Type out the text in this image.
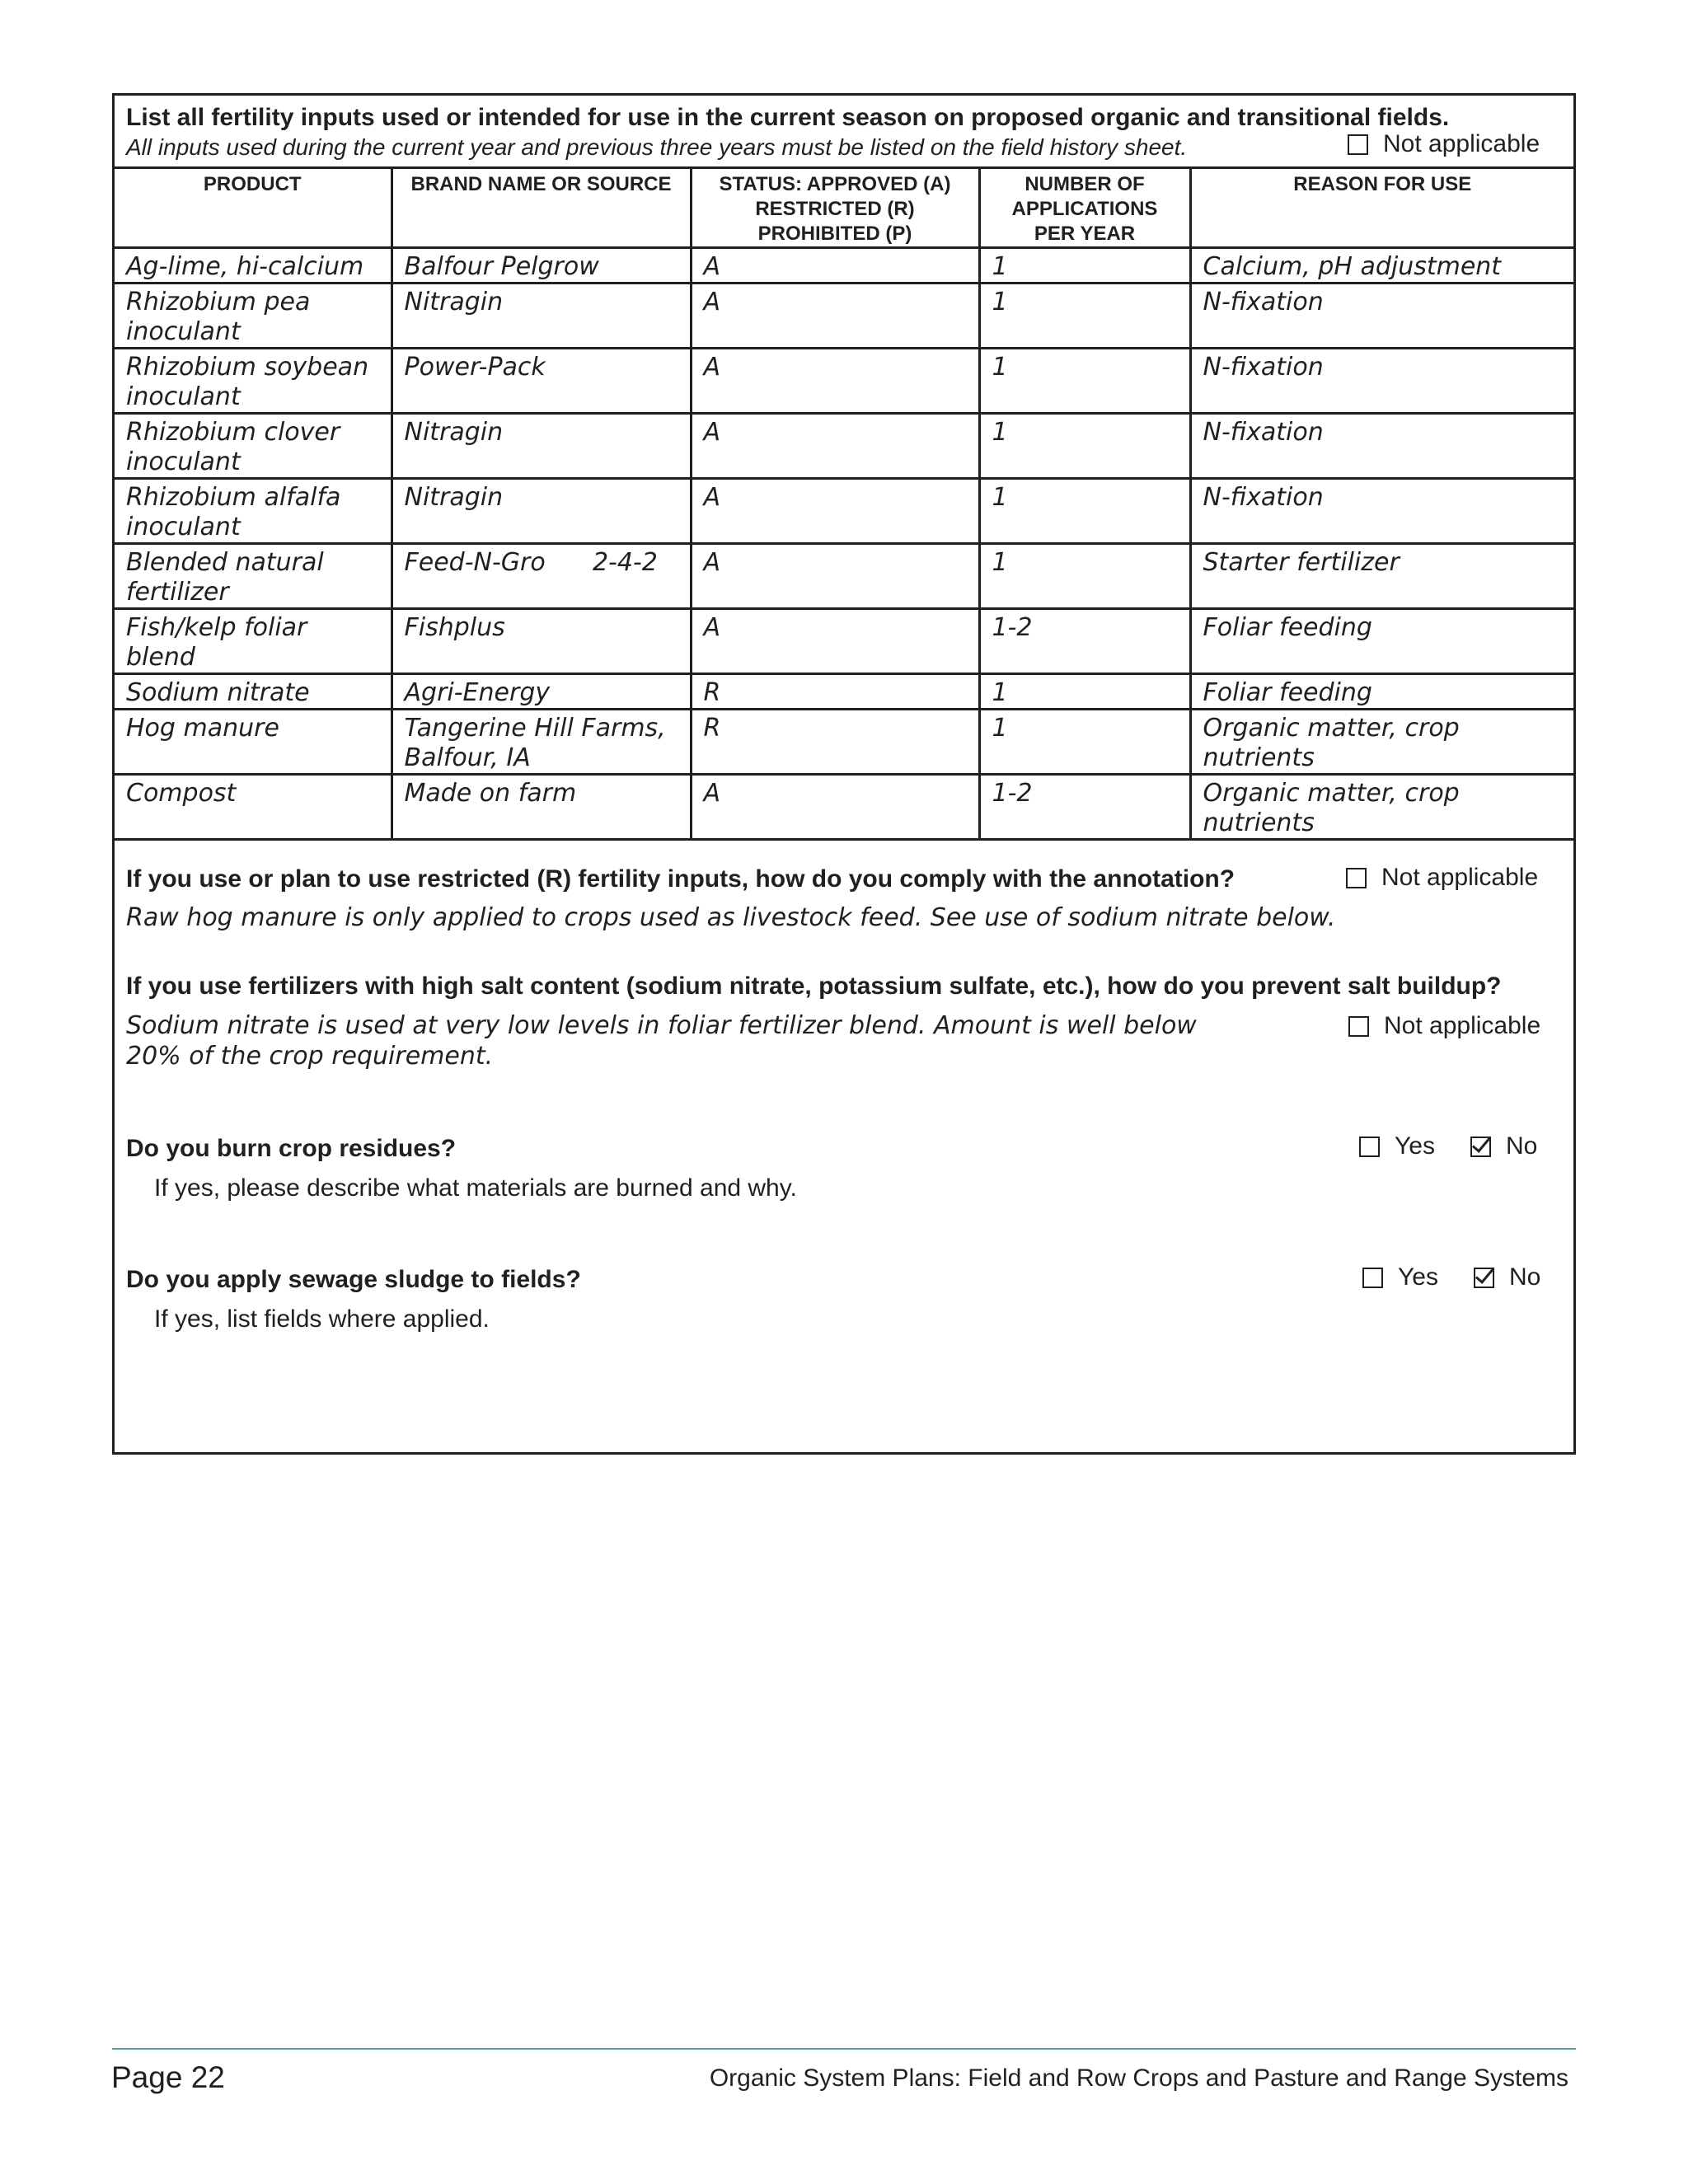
List all fertility inputs used or intended for use in the current season on proposed organic and transitional fields.
All inputs used during the current year and previous three years must be listed on the field history sheet.	Not applicable
PRODUCT	BRAND NAME OR SOURCE	STATUS: APPROVED (A)
RESTRICTED (R)
PROHIBITED (P)	NUMBER OF
APPLICATIONS
PER YEAR	REASON FOR USE
Ag-lime, hi-calcium	Balfour Pelgrow	A	1	Calcium, pH adjustment
Rhizobium pea inoculant	Nitragin	A	1	N-fixation
Rhizobium soybean inoculant	Power-Pack	A	1	N-fixation
Rhizobium clover inoculant	Nitragin	A	1	N-fixation
Rhizobium alfalfa inoculant	Nitragin	A	1	N-fixation
Blended natural fertilizer	Feed-N-Gro      2-4-2	A	1	Starter fertilizer
Fish/kelp foliar blend	Fishplus	A	1-2	Foliar feeding
Sodium nitrate	Agri-Energy	R	1	Foliar feeding
Hog manure	Tangerine Hill Farms, Balfour, IA	R	1	Organic matter, crop nutrients
Compost	Made on farm	A	1-2	Organic matter, crop nutrients
If you use or plan to use restricted (R) fertility inputs, how do you comply with the annotation?	Not applicable
Raw hog manure is only applied to crops used as livestock feed. See use of sodium nitrate below.
If you use fertilizers with high salt content (sodium nitrate, potassium sulfate, etc.), how do you prevent salt buildup?
Not applicable
Sodium nitrate is used at very low levels in foliar fertilizer blend. Amount is well below
20% of the crop requirement.
Do you burn crop residues?	Yes	No
If yes, please describe what materials are burned and why.
Do you apply sewage sludge to fields?	Yes	No
If yes, list fields where applied.
Page 22	Organic System Plans: Field and Row Crops and Pasture and Range Systems
